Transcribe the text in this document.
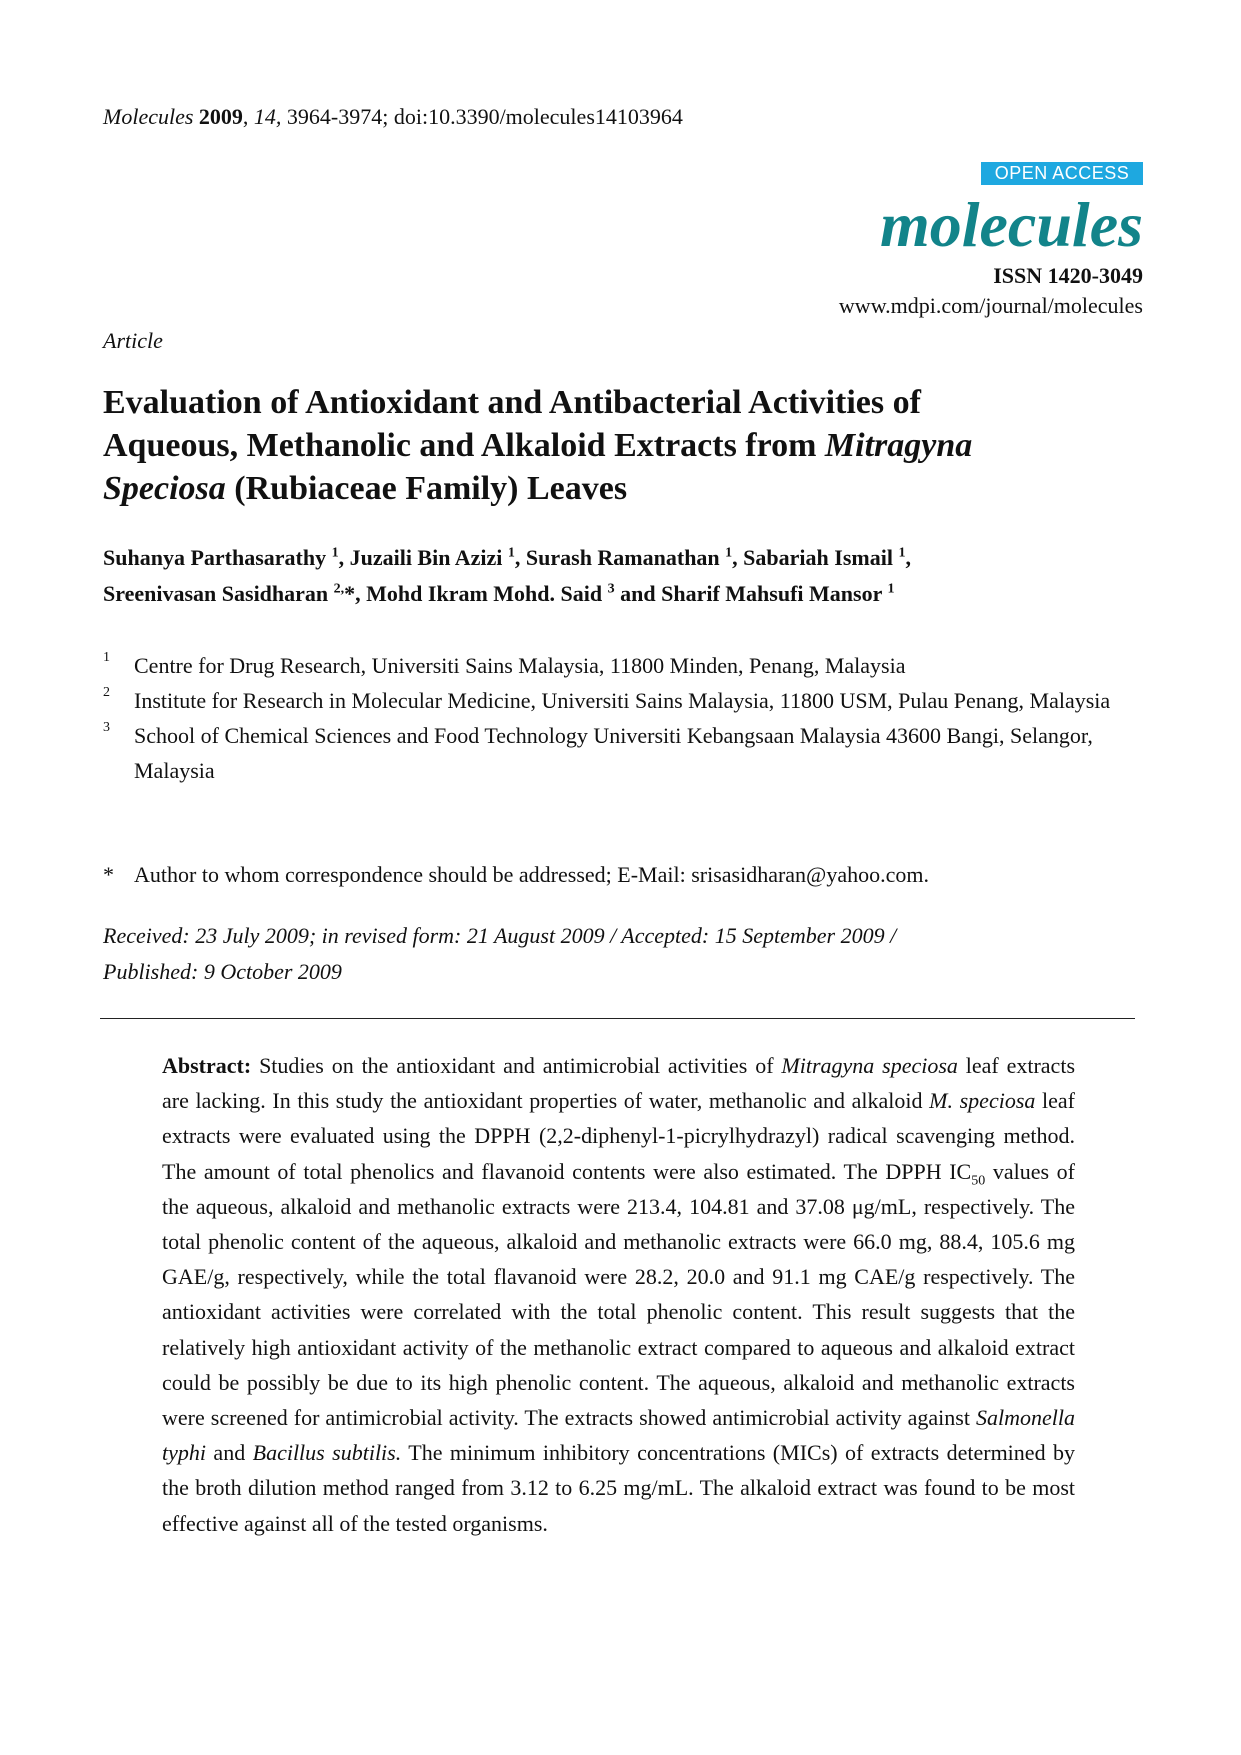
Molecules 2009, 14, 3964-3974; doi:10.3390/molecules14103964
OPEN ACCESS
molecules
ISSN 1420-3049
www.mdpi.com/journal/molecules
Article
Evaluation of Antioxidant and Antibacterial Activities of
Aqueous, Methanolic and Alkaloid Extracts from Mitragyna
Speciosa (Rubiaceae Family) Leaves
Suhanya Parthasarathy $^1$, Juzaili Bin Azizi $^1$, Surash Ramanathan $^1$, Sabariah Ismail $^1$,
Sreenivasan Sasidharan $^{2,}$*, Mohd Ikram Mohd. Said $^3$ and Sharif Mahsufi Mansor $^1$
1 Centre for Drug Research, Universiti Sains Malaysia, 11800 Minden, Penang, Malaysia
2 Institute for Research in Molecular Medicine, Universiti Sains Malaysia, 11800 USM, Pulau Penang, Malaysia
3 School of Chemical Sciences and Food Technology Universiti Kebangsaan Malaysia 43600 Bangi, Selangor, Malaysia
* Author to whom correspondence should be addressed; E-Mail: srisasidharan@yahoo.com.
Received: 23 July 2009; in revised form: 21 August 2009 / Accepted: 15 September 2009 /
Published: 9 October 2009
Abstract: Studies on the antioxidant and antimicrobial activities of Mitragyna speciosa leaf extracts are lacking. In this study the antioxidant properties of water, methanolic and alkaloid M. speciosa leaf extracts were evaluated using the DPPH (2,2-diphenyl-1-picrylhydrazyl) radical scavenging method. The amount of total phenolics and flavanoid contents were also estimated. The DPPH $IC_{50}$ values of the aqueous, alkaloid and methanolic extracts were 213.4, 104.81 and 37.08 μg/mL, respectively. The total phenolic content of the aqueous, alkaloid and methanolic extracts were 66.0 mg, 88.4, 105.6 mg GAE/g, respectively, while the total flavanoid were 28.2, 20.0 and 91.1 mg CAE/g respectively. The antioxidant activities were correlated with the total phenolic content. This result suggests that the relatively high antioxidant activity of the methanolic extract compared to aqueous and alkaloid extract could be possibly be due to its high phenolic content. The aqueous, alkaloid and methanolic extracts were screened for antimicrobial activity. The extracts showed antimicrobial activity against Salmonella typhi and Bacillus subtilis. The minimum inhibitory concentrations (MICs) of extracts determined by the broth dilution method ranged from 3.12 to 6.25 mg/mL. The alkaloid extract was found to be most effective against all of the tested organisms.
